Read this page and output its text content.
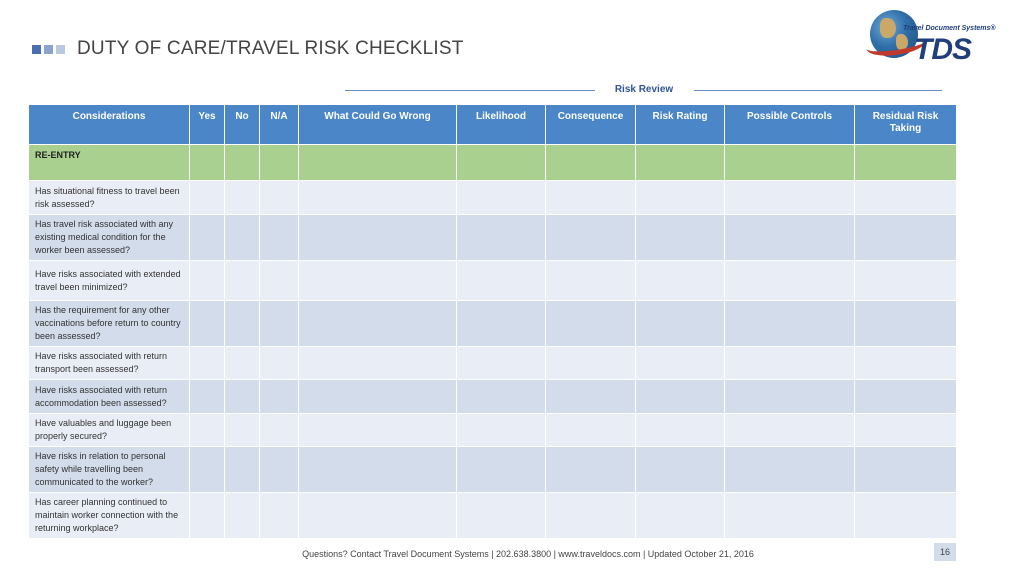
DUTY OF CARE/TRAVEL RISK CHECKLIST
Travel Document Systems®
TDS
Risk Review
Considerations	Yes	No	N/A	What Could Go Wrong	Likelihood	Consequence	Risk Rating	Possible Controls	Residual Risk Taking
RE-ENTRY									
Has situational fitness to travel been risk assessed?									
Has travel risk associated with any existing medical condition for the worker been assessed?									
Have risks associated with extended travel been minimized?									
Has the requirement for any other vaccinations before return to country been assessed?									
Have risks associated with return transport been assessed?									
Have risks associated with return accommodation been assessed?									
Have valuables and luggage been properly secured?									
Have risks in relation to personal safety while travelling been communicated to the worker?									
Has career planning continued to maintain worker connection with the returning workplace?									
Questions? Contact Travel Document Systems | 202.638.3800 | www.traveldocs.com | Updated October 21, 2016	16
